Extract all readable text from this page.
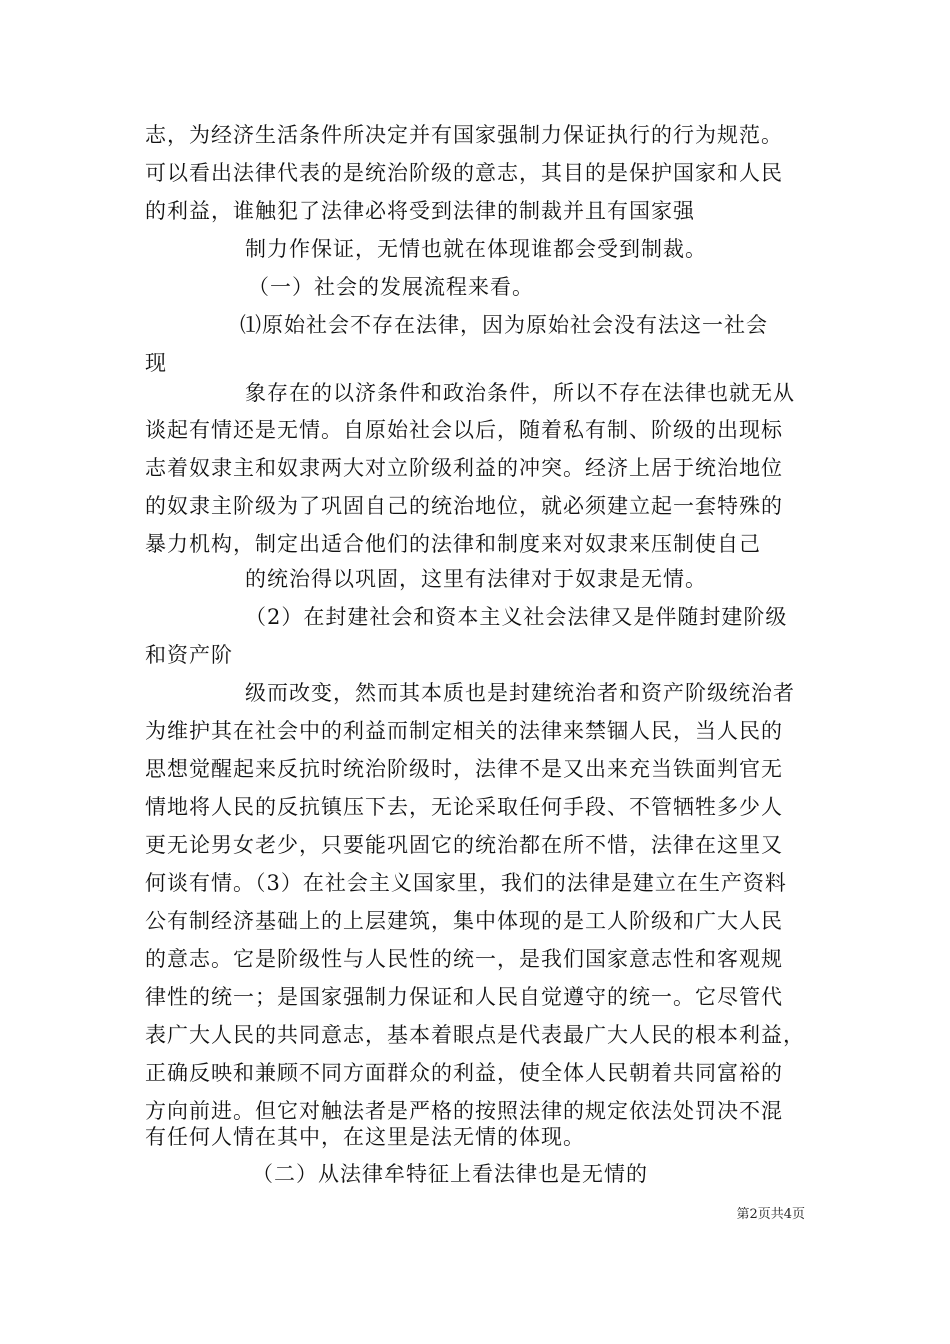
志，为经济生活条件所决定并有国家强制力保证执行的行为规范。
可以看出法律代表的是统治阶级的意志，其目的是保护国家和人民
的利益，谁触犯了法律必将受到法律的制裁并且有国家强
制力作保证，无情也就在体现谁都会受到制裁。
（一）社会的发展流程来看。
⑴原始社会不存在法律，因为原始社会没有法这一社会
现
象存在的以济条件和政治条件，所以不存在法律也就无从
谈起有情还是无情。自原始社会以后，随着私有制、阶级的出现标
志着奴隶主和奴隶两大对立阶级利益的冲突。经济上居于统治地位
的奴隶主阶级为了巩固自己的统治地位，就必须建立起一套特殊的
暴力机构，制定出适合他们的法律和制度来对奴隶来压制使自己
的统治得以巩固，这里有法律对于奴隶是无情。
（2）在封建社会和资本主义社会法律又是伴随封建阶级
和资产阶
级而改变，然而其本质也是封建统治者和资产阶级统治者
为维护其在社会中的利益而制定相关的法律来禁锢人民，当人民的
思想觉醒起来反抗时统治阶级时，法律不是又出来充当铁面判官无
情地将人民的反抗镇压下去，无论采取任何手段、不管牺牲多少人
更无论男女老少，只要能巩固它的统治都在所不惜，法律在这里又
何谈有情。（3）在社会主义国家里，我们的法律是建立在生产资料
公有制经济基础上的上层建筑，集中体现的是工人阶级和广大人民
的意志。它是阶级性与人民性的统一，是我们国家意志性和客观规
律性的统一；是国家强制力保证和人民自觉遵守的统一。它尽管代
表广大人民的共同意志，基本着眼点是代表最广大人民的根本利益，
正确反映和兼顾不同方面群众的利益，使全体人民朝着共同富裕的
方向前进。但它对触法者是严格的按照法律的规定依法处罚决不混
有任何人情在其中，在这里是法无情的体现。
（二）从法律牟特征上看法律也是无情的
第2页共4页
